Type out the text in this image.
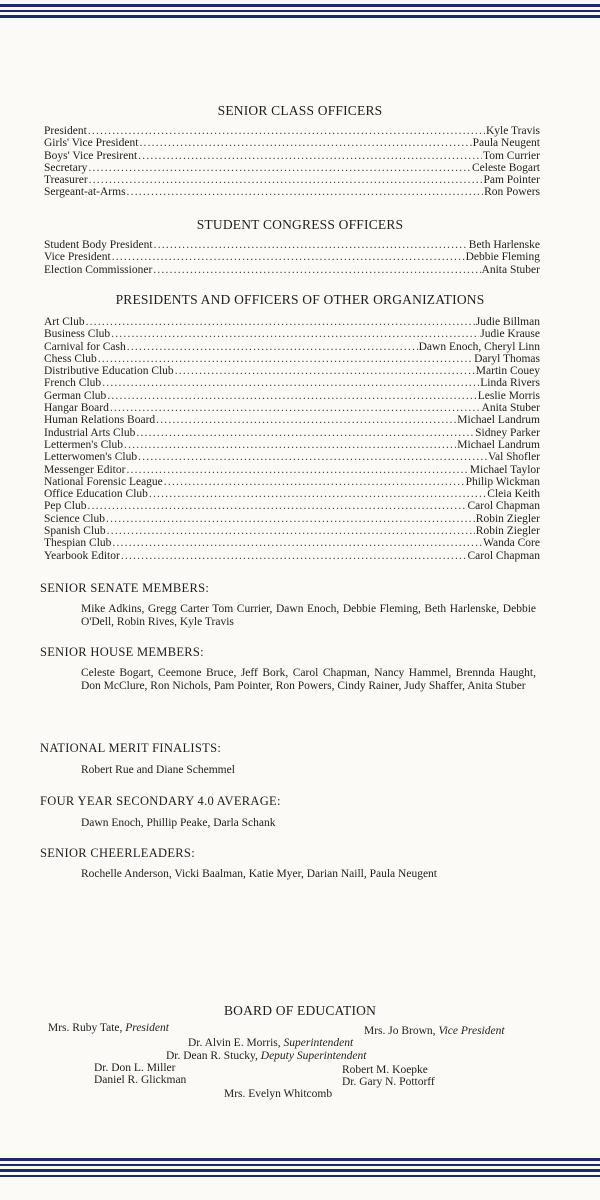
SENIOR CLASS OFFICERS
President .....	Kyle Travis
Girls' Vice President .....	Paula Neugent
Boys' Vice Presirent .....	Tom Currier
Secretary .....	Celeste Bogart
Treasurer .....	Pam Pointer
Sergeant-at-Arms .....	Ron Powers
STUDENT CONGRESS OFFICERS
Student Body President .....	Beth Harlenske
Vice President .....	Debbie Fleming
Election Commissioner .....	Anita Stuber
PRESIDENTS AND OFFICERS OF OTHER ORGANIZATIONS
Art Club .....	Judie Billman
Business Club .....	Judie Krause
Carnival for Cash .....	Dawn Enoch, Cheryl Linn
Chess Club .....	Daryl Thomas
Distributive Education Club .....	Martin Couey
French Club .....	Linda Rivers
German Club .....	Leslie Morris
Hangar Board .....	Anita Stuber
Human Relations Board .....	Michael Landrum
Industrial Arts Club .....	Sidney Parker
Lettermen's Club .....	Michael Landrum
Letterwomen's Club .....	Val Shofler
Messenger Editor .....	Michael Taylor
National Forensic League .....	Philip Wickman
Office Education Club .....	Cleia Keith
Pep Club .....	Carol Chapman
Science Club .....	Robin Ziegler
Spanish Club .....	Robin Ziegler
Thespian Club .....	Wanda Core
Yearbook Editor .....	Carol Chapman
SENIOR SENATE MEMBERS:
Mike Adkins, Gregg Carter Tom Currier, Dawn Enoch, Debbie Fleming, Beth Harlenske, Debbie O'Dell, Robin Rives, Kyle Travis
SENIOR HOUSE MEMBERS:
Celeste Bogart, Ceemone Bruce, Jeff Bork, Carol Chapman, Nancy Hammel, Brennda Haught, Don McClure, Ron Nichols, Pam Pointer, Ron Powers, Cindy Rainer, Judy Shaffer, Anita Stuber
NATIONAL MERIT FINALISTS:
Robert Rue and Diane Schemmel
FOUR YEAR SECONDARY 4.0 AVERAGE:
Dawn Enoch, Phillip Peake, Darla Schank
SENIOR CHEERLEADERS:
Rochelle Anderson, Vicki Baalman, Katie Myer, Darian Naill, Paula Neugent
BOARD OF EDUCATION
Mrs. Ruby Tate, President	Mrs. Jo Brown, Vice President
Dr. Alvin E. Morris, Superintendent
Dr. Dean R. Stucky, Deputy Superintendent
Dr. Don L. Miller	Robert M. Koepke
Daniel R. Glickman	Dr. Gary N. Pottorff
Mrs. Evelyn Whitcomb
